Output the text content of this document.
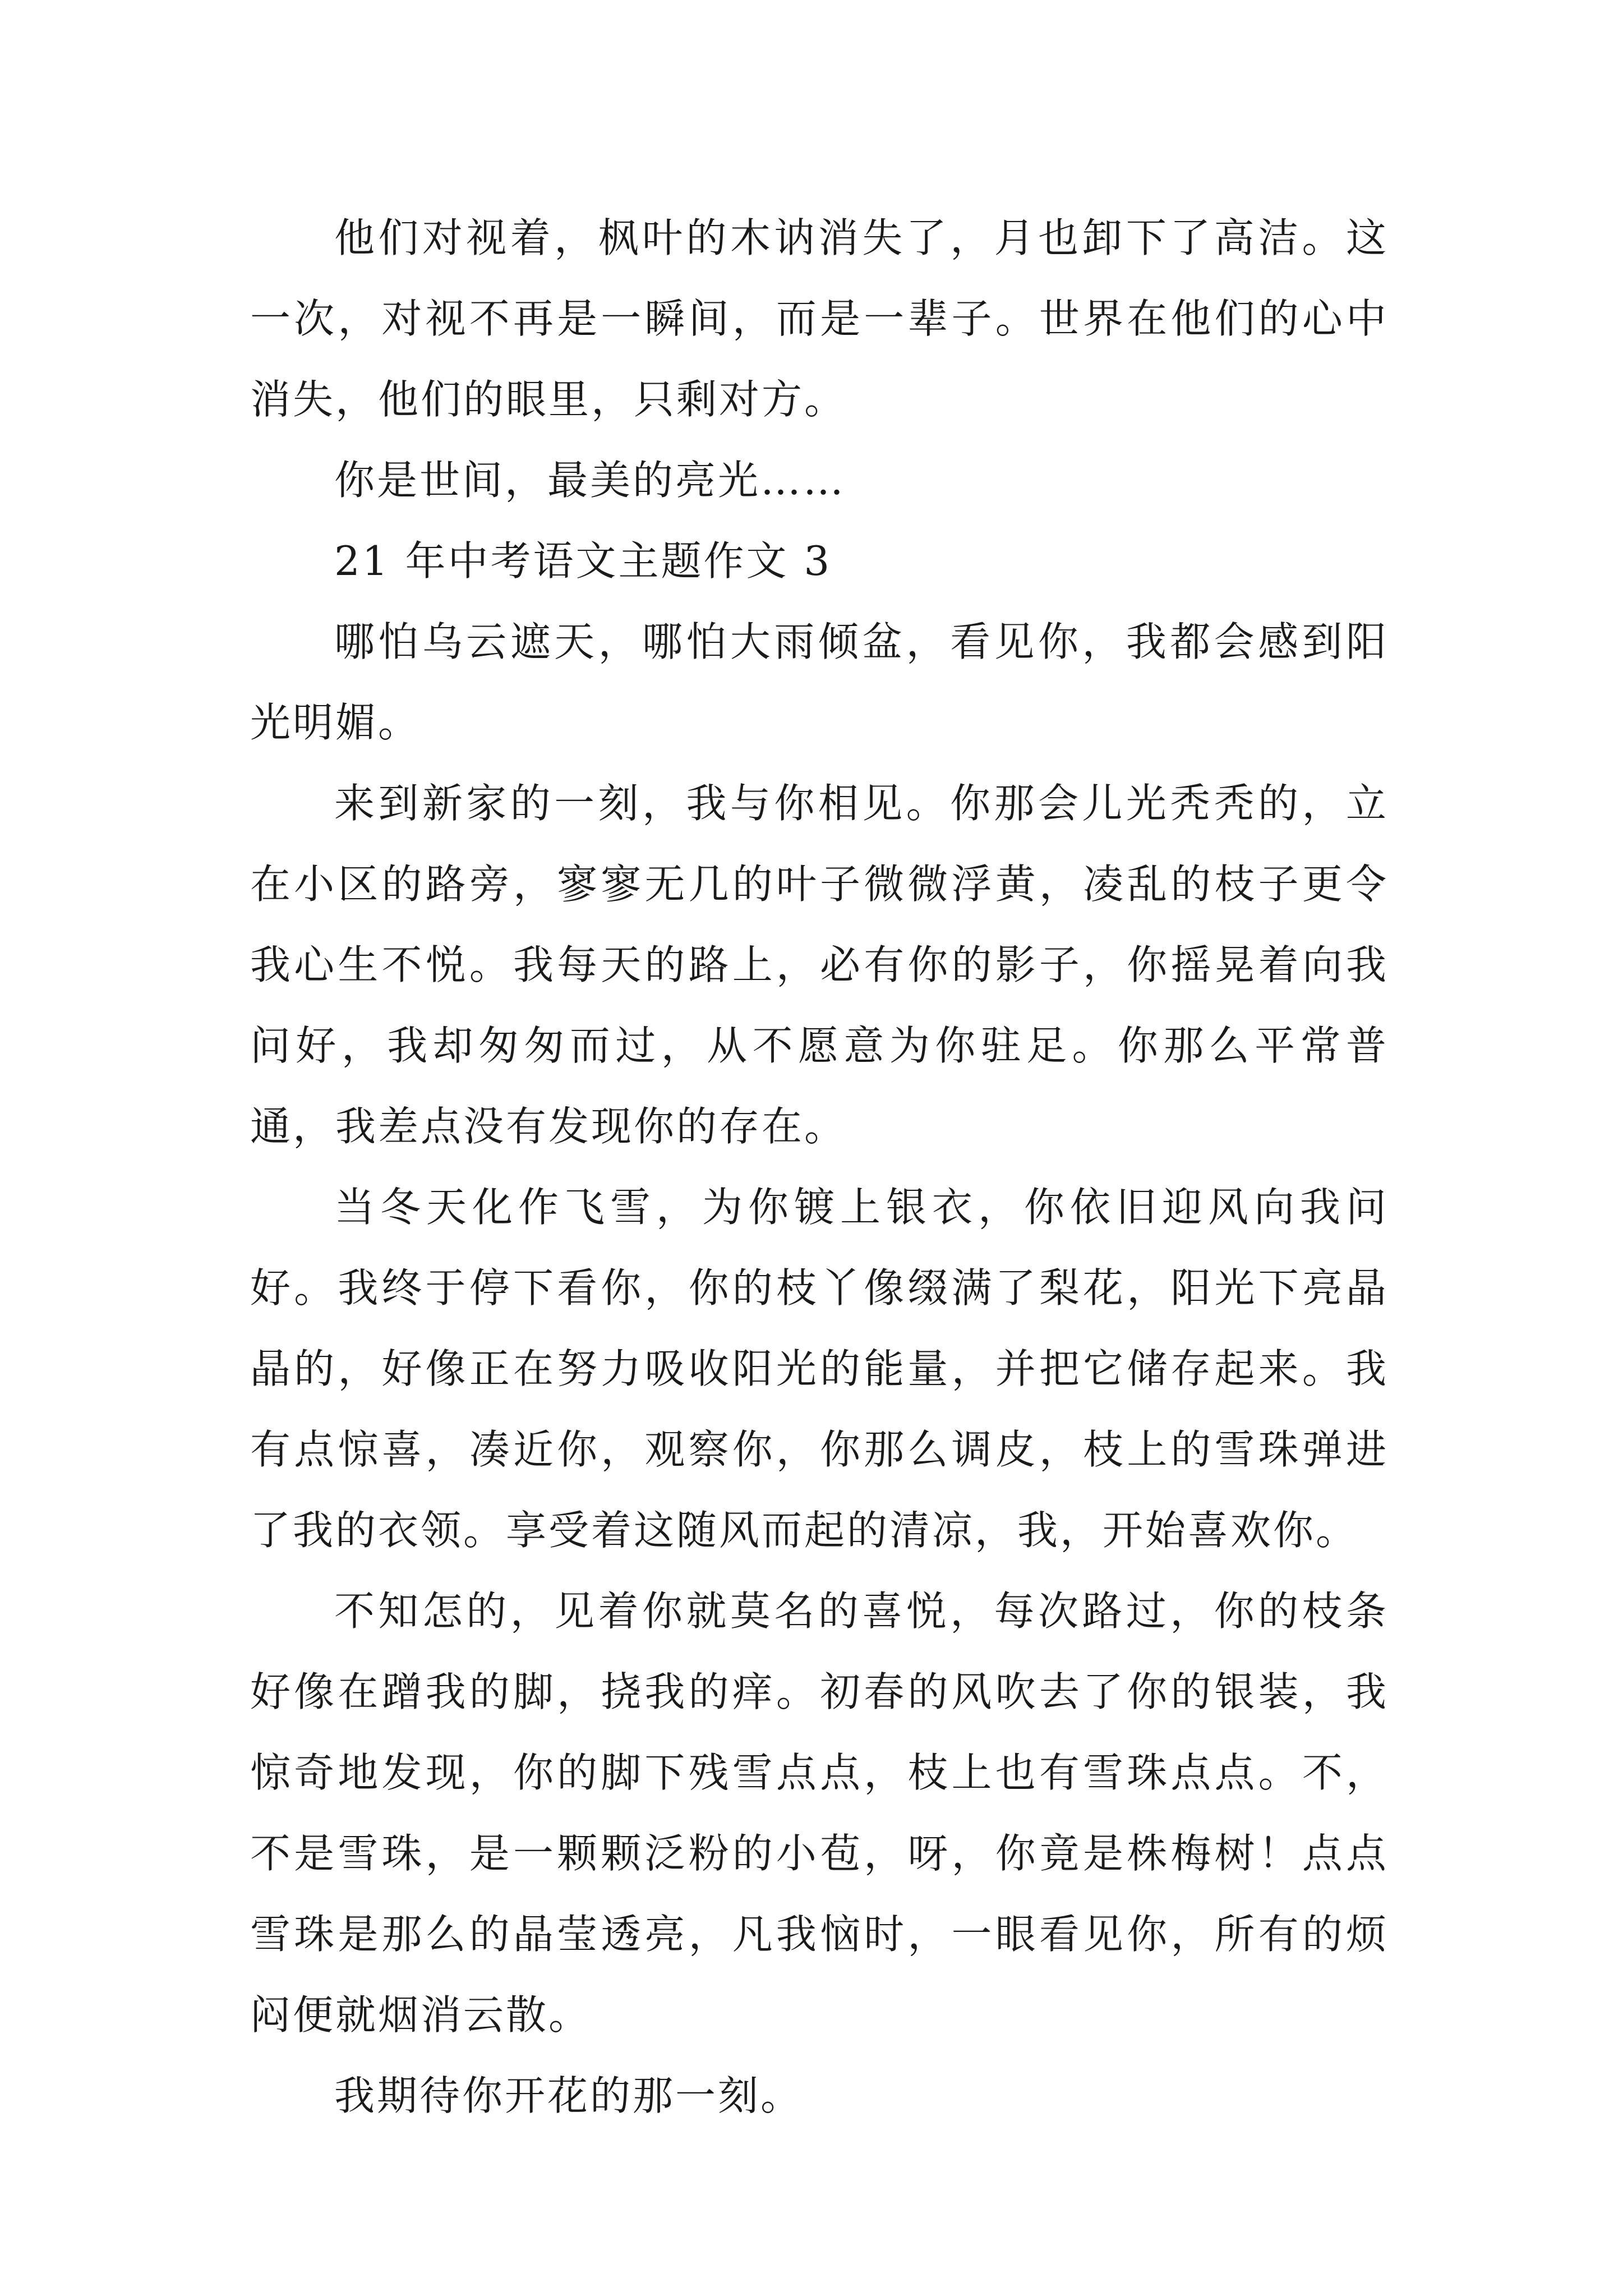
他们对视着，枫叶的木讷消失了，月也卸下了高洁。这一次，对视不再是一瞬间，而是一辈子。世界在他们的心中消失，他们的眼里，只剩对方。

你是世间，最美的亮光……

21 年中考语文主题作文 3

哪怕乌云遮天，哪怕大雨倾盆，看见你，我都会感到阳光明媚。

来到新家的一刻，我与你相见。你那会儿光秃秃的，立在小区的路旁，寥寥无几的叶子微微浮黄，凌乱的枝子更令我心生不悦。我每天的路上，必有你的影子，你摇晃着向我问好，我却匆匆而过，从不愿意为你驻足。你那么平常普通，我差点没有发现你的存在。

当冬天化作飞雪，为你镀上银衣，你依旧迎风向我问好。我终于停下看你，你的枝丫像缀满了梨花，阳光下亮晶晶的，好像正在努力吸收阳光的能量，并把它储存起来。我有点惊喜，凑近你，观察你，你那么调皮，枝上的雪珠弹进了我的衣领。享受着这随风而起的清凉，我，开始喜欢你。

不知怎的，见着你就莫名的喜悦，每次路过，你的枝条好像在蹭我的脚，挠我的痒。初春的风吹去了你的银装，我惊奇地发现，你的脚下残雪点点，枝上也有雪珠点点。不，不是雪珠，是一颗颗泛粉的小苞，呀，你竟是株梅树！点点雪珠是那么的晶莹透亮，凡我恼时，一眼看见你，所有的烦闷便就烟消云散。

我期待你开花的那一刻。
